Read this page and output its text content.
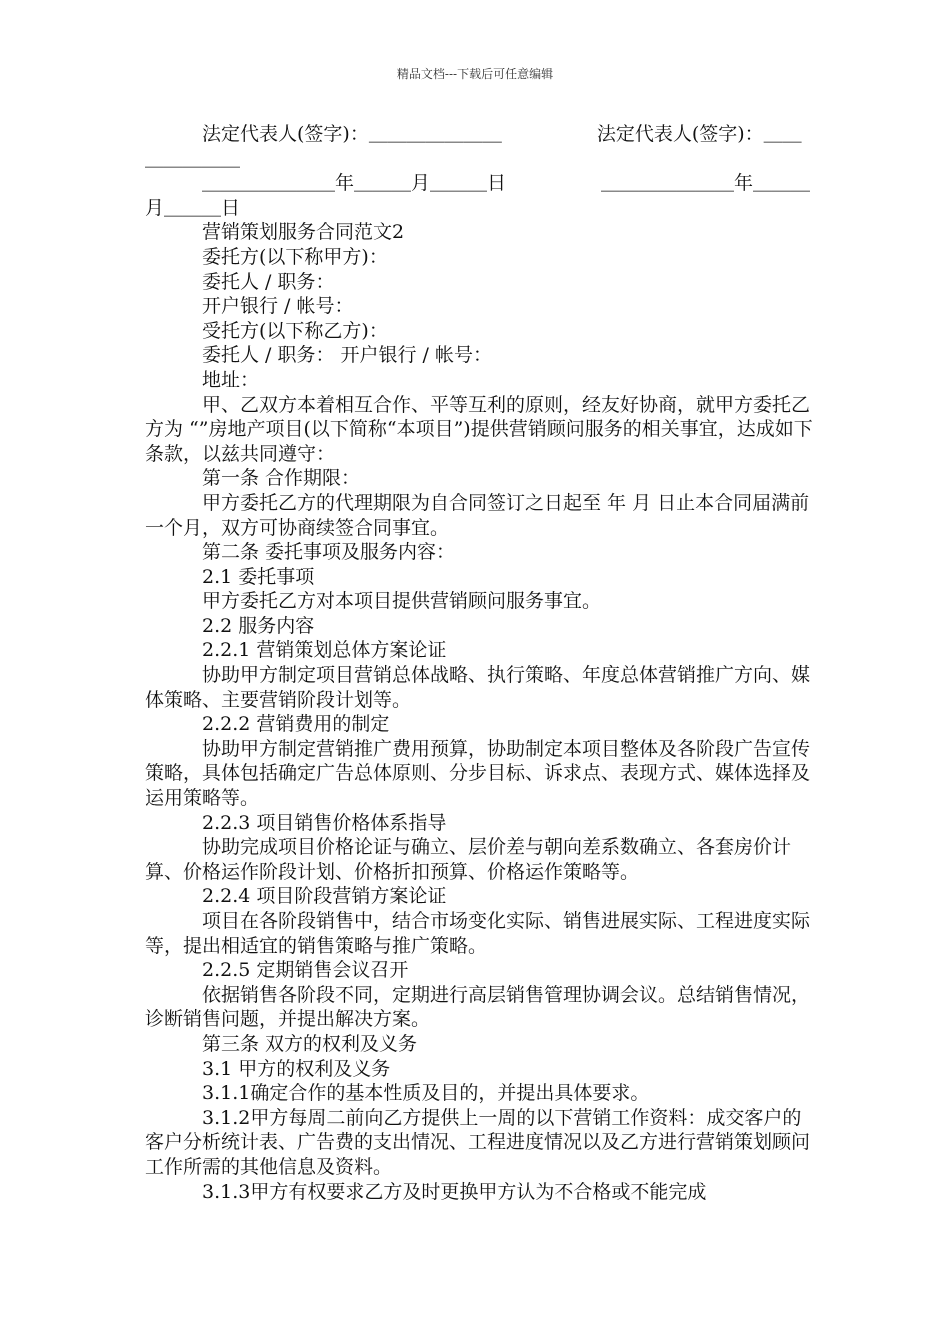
精品文档---下载后可任意编辑

法定代表人(签字)：＿＿＿＿＿＿＿　　　　　法定代表人(签字)：＿＿＿＿＿＿＿

＿＿＿＿＿＿＿年＿＿＿月＿＿＿日　　　　　＿＿＿＿＿＿＿年＿＿＿月＿＿＿日

营销策划服务合同范文2

委托方(以下称甲方)：

委托人 / 职务：

开户银行 / 帐号：

受托方(以下称乙方)：

委托人 / 职务： 开户银行 / 帐号：

地址：

甲、乙双方本着相互合作、平等互利的原则，经友好协商，就甲方委托乙方为 “”房地产项目(以下简称“本项目”)提供营销顾问服务的相关事宜，达成如下条款，以兹共同遵守：

第一条 合作期限：

甲方委托乙方的代理期限为自合同签订之日起至 年 月 日止本合同届满前一个月，双方可协商续签合同事宜。

第二条 委托事项及服务内容：

2.1 委托事项

甲方委托乙方对本项目提供营销顾问服务事宜。

2.2 服务内容

2.2.1 营销策划总体方案论证

协助甲方制定项目营销总体战略、执行策略、年度总体营销推广方向、媒体策略、主要营销阶段计划等。

2.2.2 营销费用的制定

协助甲方制定营销推广费用预算，协助制定本项目整体及各阶段广告宣传策略，具体包括确定广告总体原则、分步目标、诉求点、表现方式、媒体选择及运用策略等。

2.2.3 项目销售价格体系指导

协助完成项目价格论证与确立、层价差与朝向差系数确立、各套房价计算、价格运作阶段计划、价格折扣预算、价格运作策略等。

2.2.4 项目阶段营销方案论证

项目在各阶段销售中，结合市场变化实际、销售进展实际、工程进度实际等，提出相适宜的销售策略与推广策略。

2.2.5 定期销售会议召开

依据销售各阶段不同，定期进行高层销售管理协调会议。总结销售情况，诊断销售问题，并提出解决方案。

第三条 双方的权利及义务

3.1 甲方的权利及义务

3.1.1确定合作的基本性质及目的，并提出具体要求。

3.1.2甲方每周二前向乙方提供上一周的以下营销工作资料：成交客户的客户分析统计表、广告费的支出情况、工程进度情况以及乙方进行营销策划顾问工作所需的其他信息及资料。

3.1.3甲方有权要求乙方及时更换甲方认为不合格或不能完成
